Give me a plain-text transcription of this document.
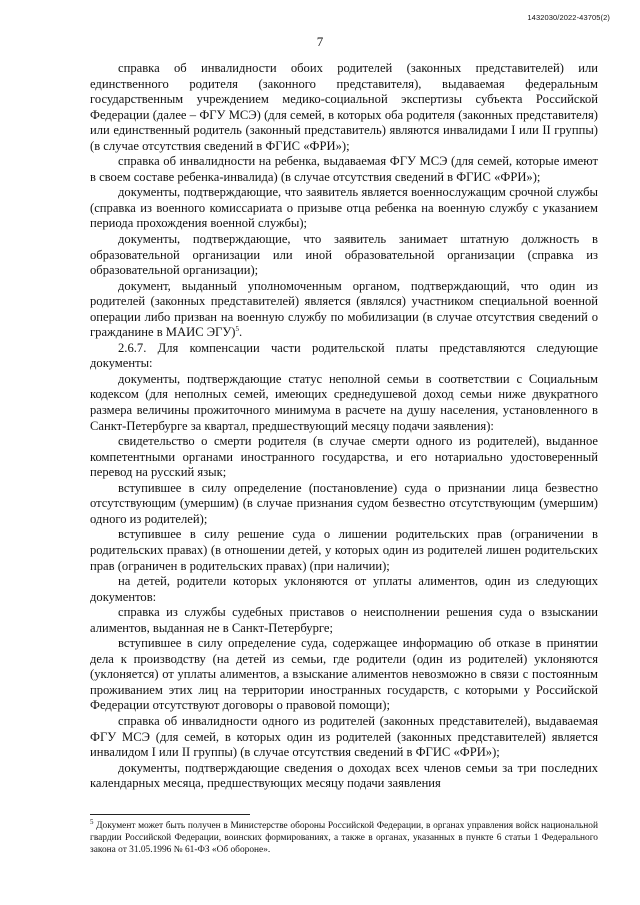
1432030/2022-43705(2)
7

справка об инвалидности обоих родителей (законных представителей) или единственного родителя (законного представителя), выдаваемая федеральным государственным учреждением медико-социальной экспертизы субъекта Российской Федерации (далее – ФГУ МСЭ) (для семей, в которых оба родителя (законных представителя) или единственный родитель (законный представитель) являются инвалидами I или II группы) (в случае отсутствия сведений в ФГИС «ФРИ»);

справка об инвалидности на ребенка, выдаваемая ФГУ МСЭ (для семей, которые имеют в своем составе ребенка-инвалида) (в случае отсутствия сведений в ФГИС «ФРИ»);

документы, подтверждающие, что заявитель является военнослужащим срочной службы (справка из военного комиссариата о призыве отца ребенка на военную службу с указанием периода прохождения военной службы);

документы, подтверждающие, что заявитель занимает штатную должность в образовательной организации или иной образовательной организации (справка из образовательной организации);

документ, выданный уполномоченным органом, подтверждающий, что один из родителей (законных представителей) является (являлся) участником специальной военной операции либо призван на военную службу по мобилизации (в случае отсутствия сведений о гражданине в МАИС ЭГУ)$^5$.

2.6.7. Для компенсации части родительской платы представляются следующие документы:

документы, подтверждающие статус неполной семьи в соответствии с Социальным кодексом (для неполных семей, имеющих среднедушевой доход семьи ниже двукратного размера величины прожиточного минимума в расчете на душу населения, установленного в Санкт-Петербурге за квартал, предшествующий месяцу подачи заявления):

свидетельство о смерти родителя (в случае смерти одного из родителей), выданное компетентными органами иностранного государства, и его нотариально удостоверенный перевод на русский язык;

вступившее в силу определение (постановление) суда о признании лица безвестно отсутствующим (умершим) (в случае признания судом безвестно отсутствующим (умершим) одного из родителей);

вступившее в силу решение суда о лишении родительских прав (ограничении в родительских правах) (в отношении детей, у которых один из родителей лишен родительских прав (ограничен в родительских правах) (при наличии);

на детей, родители которых уклоняются от уплаты алиментов, один из следующих документов:

справка из службы судебных приставов о неисполнении решения суда о взыскании алиментов, выданная не в Санкт-Петербурге;

вступившее в силу определение суда, содержащее информацию об отказе в принятии дела к производству (на детей из семьи, где родители (один из родителей) уклоняются (уклоняется) от уплаты алиментов, а взыскание алиментов невозможно в связи с постоянным проживанием этих лиц на территории иностранных государств, с которыми у Российской Федерации отсутствуют договоры о правовой помощи);

справка об инвалидности одного из родителей (законных представителей), выдаваемая ФГУ МСЭ (для семей, в которых один из родителей (законных представителей) является инвалидом I или II группы) (в случае отсутствия сведений в ФГИС «ФРИ»);

документы, подтверждающие сведения о доходах всех членов семьи за три последних календарных месяца, предшествующих месяцу подачи заявления

$^5$ Документ может быть получен в Министерстве обороны Российской Федерации, в органах управления войск национальной гвардии Российской Федерации, воинских формированиях, а также в органах, указанных в пункте 6 статьи 1 Федерального закона от 31.05.1996 № 61-ФЗ «Об обороне».
